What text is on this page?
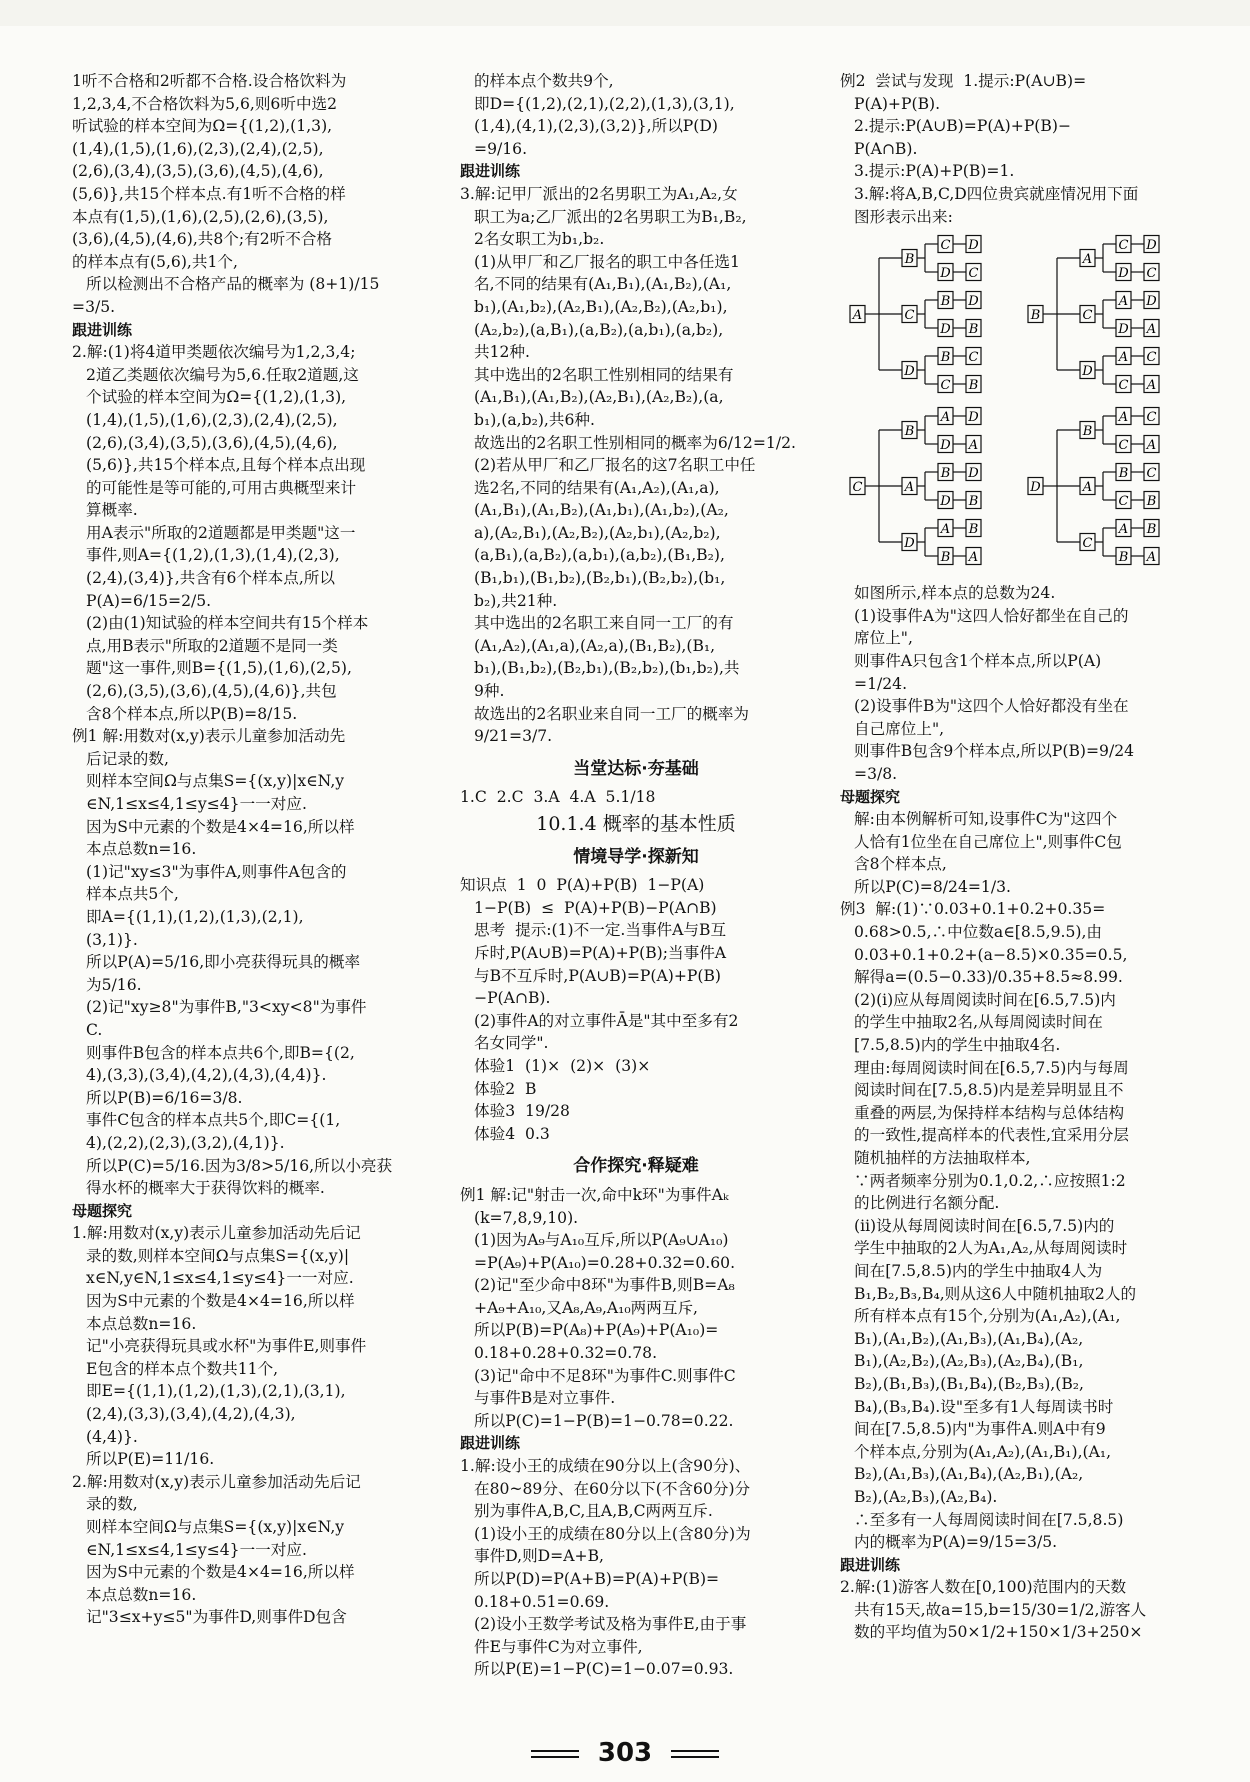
1听不合格和2听都不合格.设合格饮料为
1,2,3,4,不合格饮料为5,6,则6听中选2
听试验的样本空间为Ω={(1,2),(1,3),
(1,4),(1,5),(1,6),(2,3),(2,4),(2,5),
(2,6),(3,4),(3,5),(3,6),(4,5),(4,6),
(5,6)},共15个样本点.有1听不合格的样
本点有(1,5),(1,6),(2,5),(2,6),(3,5),
(3,6),(4,5),(4,6),共8个;有2听不合格
的样本点有(5,6),共1个,
所以检测出不合格产品的概率为 (8+1)/15
=3/5.
跟进训练
2.解:(1)将4道甲类题依次编号为1,2,3,4;
2道乙类题依次编号为5,6.任取2道题,这
个试验的样本空间为Ω={(1,2),(1,3),
(1,4),(1,5),(1,6),(2,3),(2,4),(2,5),
(2,6),(3,4),(3,5),(3,6),(4,5),(4,6),
(5,6)},共15个样本点,且每个样本点出现
的可能性是等可能的,可用古典概型来计
算概率.
用A表示"所取的2道题都是甲类题"这一
事件,则A={(1,2),(1,3),(1,4),(2,3),
(2,4),(3,4)},共含有6个样本点,所以
P(A)=6/15=2/5.
(2)由(1)知试验的样本空间共有15个样本
点,用B表示"所取的2道题不是同一类
题"这一事件,则B={(1,5),(1,6),(2,5),
(2,6),(3,5),(3,6),(4,5),(4,6)},共包
含8个样本点,所以P(B)=8/15.
例1 解:用数对(x,y)表示儿童参加活动先
后记录的数,
则样本空间Ω与点集S={(x,y)|x∈N,y
∈N,1≤x≤4,1≤y≤4}一一对应.
因为S中元素的个数是4×4=16,所以样
本点总数n=16.
(1)记"xy≤3"为事件A,则事件A包含的
样本点共5个,
即A={(1,1),(1,2),(1,3),(2,1),
(3,1)}.
所以P(A)=5/16,即小亮获得玩具的概率
为5/16.
(2)记"xy≥8"为事件B,"3<xy<8"为事件
C.
则事件B包含的样本点共6个,即B={(2,
4),(3,3),(3,4),(4,2),(4,3),(4,4)}.
所以P(B)=6/16=3/8.
事件C包含的样本点共5个,即C={(1,
4),(2,2),(2,3),(3,2),(4,1)}.
所以P(C)=5/16.因为3/8>5/16,所以小亮获
得水杯的概率大于获得饮料的概率.
母题探究
1.解:用数对(x,y)表示儿童参加活动先后记
录的数,则样本空间Ω与点集S={(x,y)|
x∈N,y∈N,1≤x≤4,1≤y≤4}一一对应.
因为S中元素的个数是4×4=16,所以样
本点总数n=16.
记"小亮获得玩具或水杯"为事件E,则事件
E包含的样本点个数共11个,
即E={(1,1),(1,2),(1,3),(2,1),(3,1),
(2,4),(3,3),(3,4),(4,2),(4,3),
(4,4)}.
所以P(E)=11/16.
2.解:用数对(x,y)表示儿童参加活动先后记
录的数,
则样本空间Ω与点集S={(x,y)|x∈N,y
∈N,1≤x≤4,1≤y≤4}一一对应.
因为S中元素的个数是4×4=16,所以样
本点总数n=16.
记"3≤x+y≤5"为事件D,则事件D包含
的样本点个数共9个,
即D={(1,2),(2,1),(2,2),(1,3),(3,1),
(1,4),(4,1),(2,3),(3,2)},所以P(D)
=9/16.
跟进训练
3.解:记甲厂派出的2名男职工为A₁,A₂,女
职工为a;乙厂派出的2名男职工为B₁,B₂,
2名女职工为b₁,b₂.
(1)从甲厂和乙厂报名的职工中各任选1
名,不同的结果有(A₁,B₁),(A₁,B₂),(A₁,
b₁),(A₁,b₂),(A₂,B₁),(A₂,B₂),(A₂,b₁),
(A₂,b₂),(a,B₁),(a,B₂),(a,b₁),(a,b₂),
共12种.
其中选出的2名职工性别相同的结果有
(A₁,B₁),(A₁,B₂),(A₂,B₁),(A₂,B₂),(a,
b₁),(a,b₂),共6种.
故选出的2名职工性别相同的概率为6/12=1/2.
(2)若从甲厂和乙厂报名的这7名职工中任
选2名,不同的结果有(A₁,A₂),(A₁,a),
(A₁,B₁),(A₁,B₂),(A₁,b₁),(A₁,b₂),(A₂,
a),(A₂,B₁),(A₂,B₂),(A₂,b₁),(A₂,b₂),
(a,B₁),(a,B₂),(a,b₁),(a,b₂),(B₁,B₂),
(B₁,b₁),(B₁,b₂),(B₂,b₁),(B₂,b₂),(b₁,
b₂),共21种.
其中选出的2名职工来自同一工厂的有
(A₁,A₂),(A₁,a),(A₂,a),(B₁,B₂),(B₁,
b₁),(B₁,b₂),(B₂,b₁),(B₂,b₂),(b₁,b₂),共
9种.
故选出的2名职业来自同一工厂的概率为
9/21=3/7.
当堂达标·夯基础
1.C  2.C  3.A  4.A  5.1/18
10.1.4 概率的基本性质
情境导学·探新知
知识点  1  0  P(A)+P(B)  1−P(A)
1−P(B)  ≤  P(A)+P(B)−P(A∩B)
思考  提示:(1)不一定.当事件A与B互
斥时,P(A∪B)=P(A)+P(B);当事件A
与B不互斥时,P(A∪B)=P(A)+P(B)
−P(A∩B).
(2)事件A的对立事件Ā是"其中至多有2
名女同学".
体验1  (1)×  (2)×  (3)×
体验2  B
体验3  19/28
体验4  0.3
合作探究·释疑难
例1 解:记"射击一次,命中k环"为事件Aₖ
(k=7,8,9,10).
(1)因为A₉与A₁₀互斥,所以P(A₉∪A₁₀)
=P(A₉)+P(A₁₀)=0.28+0.32=0.60.
(2)记"至少命中8环"为事件B,则B=A₈
+A₉+A₁₀,又A₈,A₉,A₁₀两两互斥,
所以P(B)=P(A₈)+P(A₉)+P(A₁₀)=
0.18+0.28+0.32=0.78.
(3)记"命中不足8环"为事件C.则事件C
与事件B是对立事件.
所以P(C)=1−P(B)=1−0.78=0.22.
跟进训练
1.解:设小王的成绩在90分以上(含90分)、
在80~89分、在60分以下(不含60分)分
别为事件A,B,C,且A,B,C两两互斥.
(1)设小王的成绩在80分以上(含80分)为
事件D,则D=A+B,
所以P(D)=P(A+B)=P(A)+P(B)=
0.18+0.51=0.69.
(2)设小王数学考试及格为事件E,由于事
件E与事件C为对立事件,
所以P(E)=1−P(C)=1−0.07=0.93.
例2  尝试与发现  1.提示:P(A∪B)=
P(A)+P(B).
2.提示:P(A∪B)=P(A)+P(B)−
P(A∩B).
3.提示:P(A)+P(B)=1.
3.解:将A,B,C,D四位贵宾就座情况用下面
图形表示出来:
A
B
C D
D C
C
B D
D B
D
B C
C B
B
A
C D
D C
C
A D
D A
D
A C
C A
C
B
A D
D A
A
B D
D B
D
A B
B A
D
B
A C
C A
A
B C
C B
C
A B
B A
如图所示,样本点的总数为24.
(1)设事件A为"这四人恰好都坐在自己的
席位上",
则事件A只包含1个样本点,所以P(A)
=1/24.
(2)设事件B为"这四个人恰好都没有坐在
自己席位上",
则事件B包含9个样本点,所以P(B)=9/24
=3/8.
母题探究
解:由本例解析可知,设事件C为"这四个
人恰有1位坐在自己席位上",则事件C包
含8个样本点,
所以P(C)=8/24=1/3.
例3  解:(1)∵0.03+0.1+0.2+0.35=
0.68>0.5,∴中位数a∈[8.5,9.5),由
0.03+0.1+0.2+(a−8.5)×0.35=0.5,
解得a=(0.5−0.33)/0.35+8.5≈8.99.
(2)(ⅰ)应从每周阅读时间在[6.5,7.5)内
的学生中抽取2名,从每周阅读时间在
[7.5,8.5)内的学生中抽取4名.
理由:每周阅读时间在[6.5,7.5)内与每周
阅读时间在[7.5,8.5)内是差异明显且不
重叠的两层,为保持样本结构与总体结构
的一致性,提高样本的代表性,宜采用分层
随机抽样的方法抽取样本,
∵两者频率分别为0.1,0.2,∴应按照1:2
的比例进行名额分配.
(ⅱ)设从每周阅读时间在[6.5,7.5)内的
学生中抽取的2人为A₁,A₂,从每周阅读时
间在[7.5,8.5)内的学生中抽取4人为
B₁,B₂,B₃,B₄,则从这6人中随机抽取2人的
所有样本点有15个,分别为(A₁,A₂),(A₁,
B₁),(A₁,B₂),(A₁,B₃),(A₁,B₄),(A₂,
B₁),(A₂,B₂),(A₂,B₃),(A₂,B₄),(B₁,
B₂),(B₁,B₃),(B₁,B₄),(B₂,B₃),(B₂,
B₄),(B₃,B₄).设"至多有1人每周读书时
间在[7.5,8.5)内"为事件A.则A中有9
个样本点,分别为(A₁,A₂),(A₁,B₁),(A₁,
B₂),(A₁,B₃),(A₁,B₄),(A₂,B₁),(A₂,
B₂),(A₂,B₃),(A₂,B₄).
∴至多有一人每周阅读时间在[7.5,8.5)
内的概率为P(A)=9/15=3/5.
跟进训练
2.解:(1)游客人数在[0,100)范围内的天数
共有15天,故a=15,b=15/30=1/2,游客人
数的平均值为50×1/2+150×1/3+250×
303
